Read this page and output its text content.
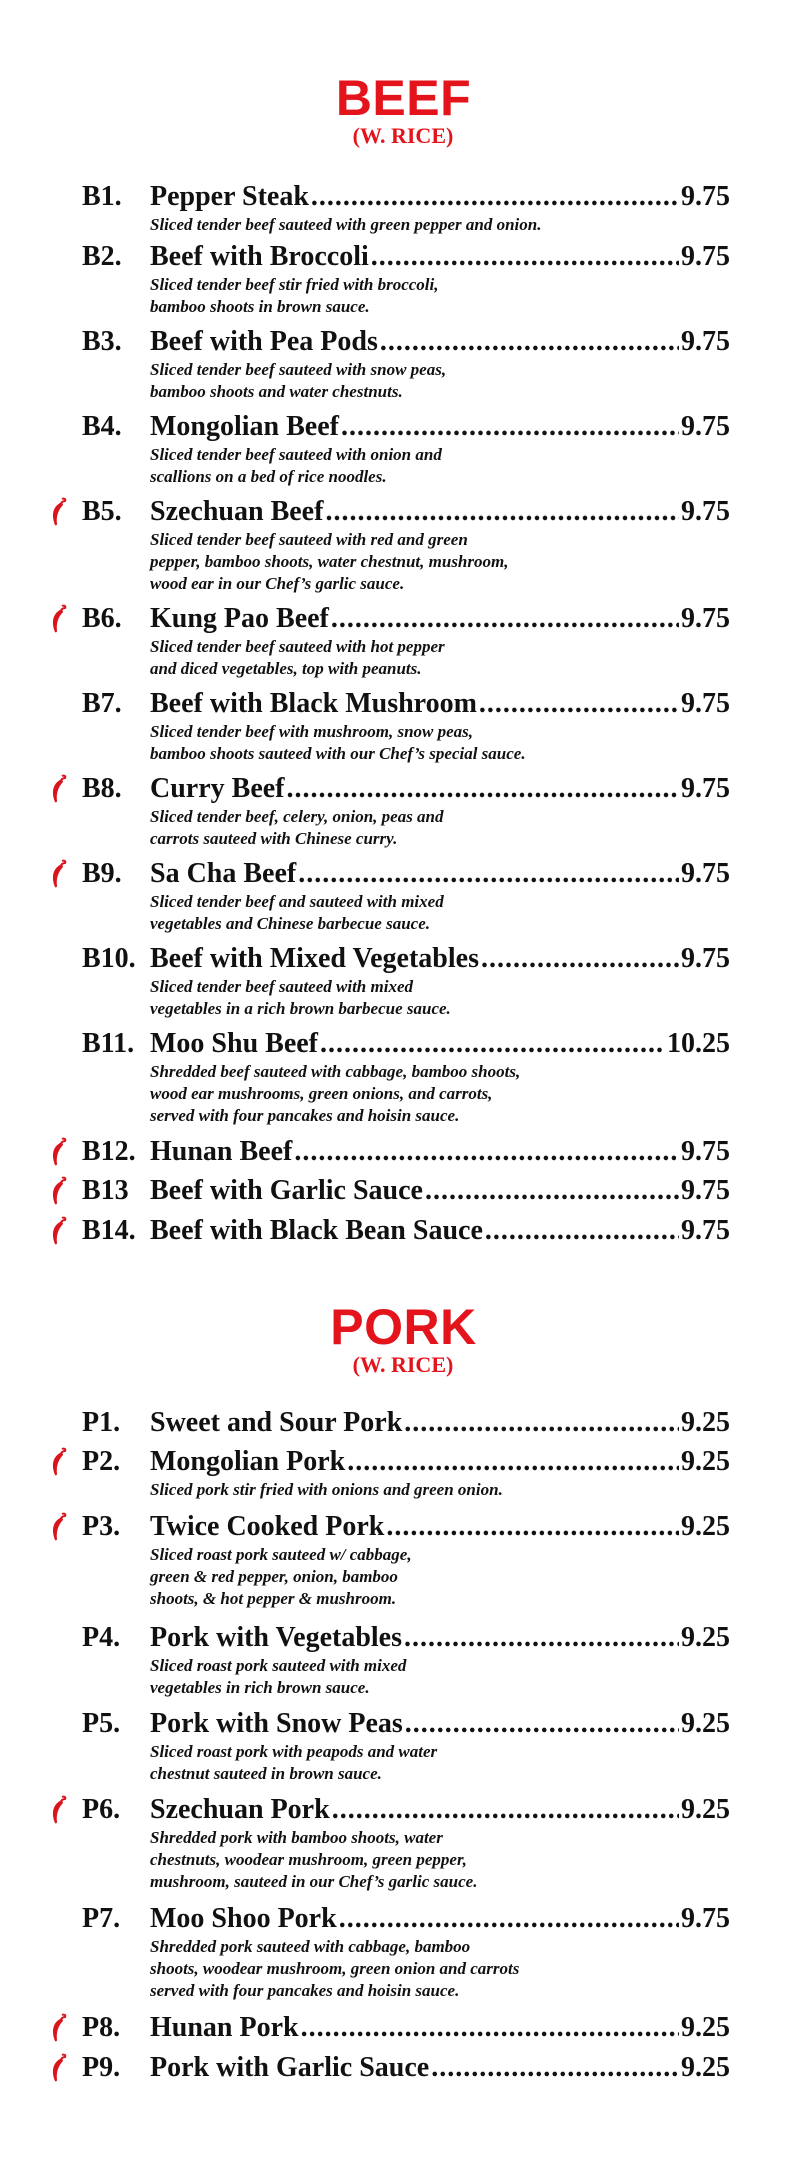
BEEF
(W. RICE)
B1. Pepper Steak .....	9.75
Sliced tender beef sauteed with green pepper and onion.
B2. Beef with Broccoli .....	9.75
Sliced tender beef stir fried with broccoli,
bamboo shoots in brown sauce.
B3. Beef with Pea Pods .....	9.75
Sliced tender beef sauteed with snow peas,
bamboo shoots and water chestnuts.
B4. Mongolian Beef .....	9.75
Sliced tender beef sauteed with onion and
scallions on a bed of rice noodles.
B5. Szechuan Beef .....	9.75
Sliced tender beef sauteed with red and green
pepper, bamboo shoots, water chestnut, mushroom,
wood ear in our Chef’s garlic sauce.
B6. Kung Pao Beef .....	9.75
Sliced tender beef sauteed with hot pepper
and diced vegetables, top with peanuts.
B7. Beef with Black Mushroom .....	9.75
Sliced tender beef with mushroom, snow peas,
bamboo shoots sauteed with our Chef’s special sauce.
B8. Curry Beef .....	9.75
Sliced tender beef, celery, onion, peas and
carrots sauteed with Chinese curry.
B9. Sa Cha Beef .....	9.75
Sliced tender beef and sauteed with mixed
vegetables and Chinese barbecue sauce.
B10. Beef with Mixed Vegetables .....	9.75
Sliced tender beef sauteed with mixed
vegetables in a rich brown barbecue sauce.
B11. Moo Shu Beef .....	10.25
Shredded beef sauteed with cabbage, bamboo shoots,
wood ear mushrooms, green onions, and carrots,
served with four pancakes and hoisin sauce.
B12. Hunan Beef .....	9.75
B13 Beef with Garlic Sauce .....	9.75
B14. Beef with Black Bean Sauce .....	9.75
PORK
(W. RICE)
P1. Sweet and Sour Pork .....	9.25
P2. Mongolian Pork .....	9.25
Sliced pork stir fried with onions and green onion.
P3. Twice Cooked Pork .....	9.25
Sliced roast pork sauteed w/ cabbage,
green & red pepper, onion, bamboo
shoots, & hot pepper & mushroom.
P4. Pork with Vegetables .....	9.25
Sliced roast pork sauteed with mixed
vegetables in rich brown sauce.
P5. Pork with Snow Peas .....	9.25
Sliced roast pork with peapods and water
chestnut sauteed in brown sauce.
P6. Szechuan Pork .....	9.25
Shredded pork with bamboo shoots, water
chestnuts, woodear mushroom, green pepper,
mushroom, sauteed in our Chef’s garlic sauce.
P7. Moo Shoo Pork .....	9.75
Shredded pork sauteed with cabbage, bamboo
shoots, woodear mushroom, green onion and carrots
served with four pancakes and hoisin sauce.
P8. Hunan Pork .....	9.25
P9. Pork with Garlic Sauce .....	9.25
